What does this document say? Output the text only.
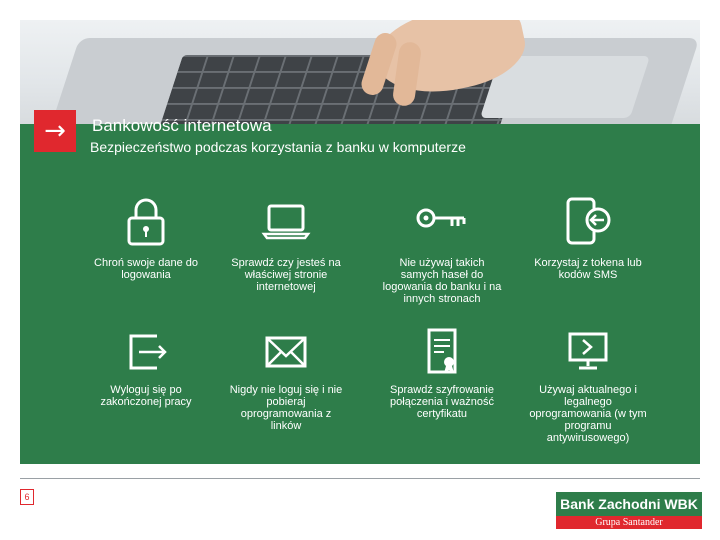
→	Bankowość internetowa
Bezpieczeństwo podczas korzystania z banku w komputerze
Chroń swoje dane do logowania
Sprawdź czy jesteś na właściwej stronie internetowej
Nie używaj takich samych haseł do logowania do banku i na innych stronach
Korzystaj z tokena lub kodów SMS
Wyloguj się po zakończonej pracy
Nigdy nie loguj się i nie pobieraj oprogramowania z linków
Sprawdź szyfrowanie połączenia i ważność certyfikatu
Używaj aktualnego i legalnego oprogramowania (w tym programu antywirusowego)
6	Bank Zachodni WBK
Grupa Santander
